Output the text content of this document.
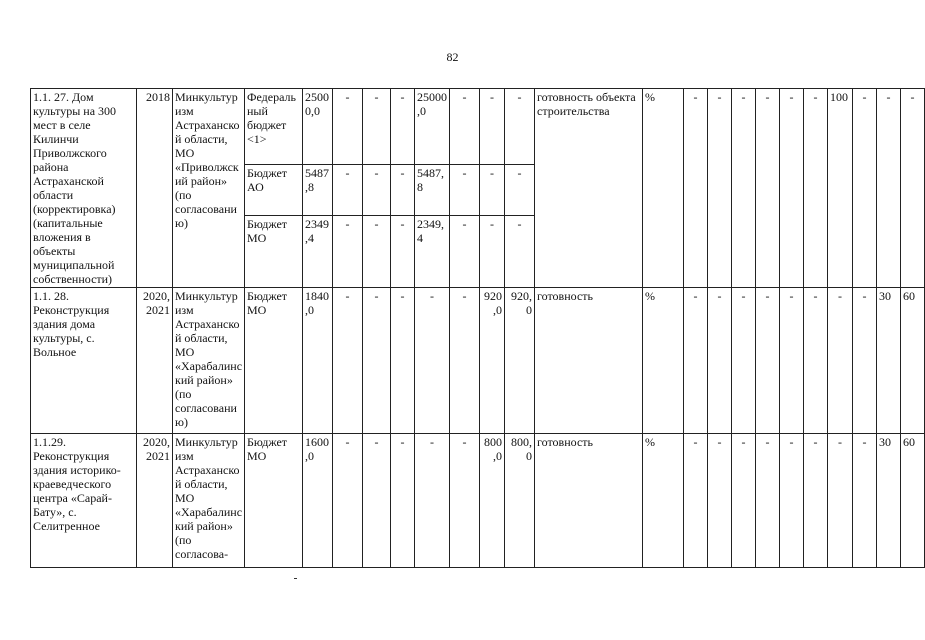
82
1.1. 27. Дом культуры на 300 мест в селе Килинчи Приволжского района Астраханской области (корректировка) (капитальные вложения в объекты муниципальной собственности)	2018	Минкультуризм Астраханской области, МО «Приволжский район» (по согласованию)	Федеральный бюджет <1>	25000,0	-	-	-	25000,0	-	-	-	готовность объекта строительства	%	-	-	-	-	-	-	100	-	-	-
			Бюджет АО	5487,8	-	-	-	5487,8	-	-	-												
			Бюджет МО	2349,4	-	-	-	2349,4	-	-	-												
1.1. 28. Реконструкция здания дома культуры, с. Вольное	2020, 2021	Минкультуризм Астраханской области, МО «Харабалинский район» (по согласованию)	Бюджет МО	1840,0	-	-	-	-	-	920,0	920,0	готовность	%	-	-	-	-	-	-	-	-	30	60
1.1.29. Реконструкция здания историко-краеведческого центра «Сарай-Бату», с. Селитренное	2020, 2021	Минкультуризм Астраханской области, МО «Харабалинский район» (по согласова-	Бюджет МО	1600,0	-	-	-	-	-	800,0	800,0	готовность	%	-	-	-	-	-	-	-	-	30	60
